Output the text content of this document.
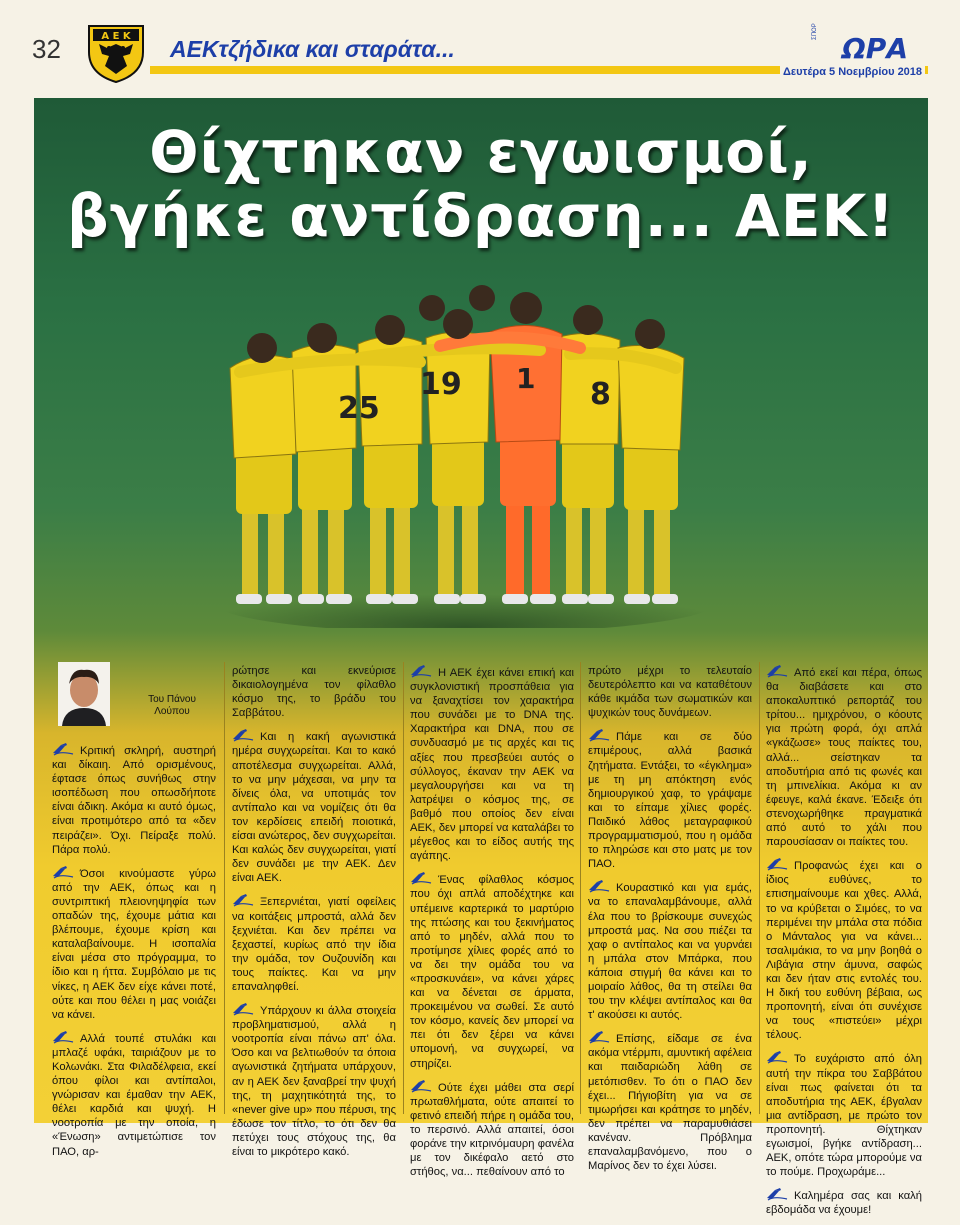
32	Α Ε Κ ΑΕΚτζήδικα και σταράτα...
ΣΠΟΡ
ΩΡΑ
Δευτέρα 5 Νοεμβρίου 2018
Θίχτηκαν εγωισμοί,
βγήκε αντίδραση... ΑΕΚ!
25
19 1 8
Του Πάνου
Λούπου

Κριτική σκληρή, αυστηρή και δίκαιη. Από ορισμένους, έφτασε όπως συνήθως στην ισοπέδωση που οπωσδήποτε είναι άδικη. Ακόμα κι αυτό όμως, είναι προτιμότερο από τα «δεν πειράζει». Όχι. Πείραξε πολύ. Πάρα πολύ.

Όσοι κινούμαστε γύρω από την ΑΕΚ, όπως και η συντριπτική πλειονηψηφία των οπαδών της, έχουμε μάτια και βλέπουμε, έχουμε κρίση και καταλαβαίνουμε. Η ισοπαλία είναι μέσα στο πρόγραμμα, το ίδιο και η ήττα. Συμβόλαιο με τις νίκες, η ΑΕΚ δεν είχε κάνει ποτέ, ούτε και που θέλει η μας νοιάζει να κάνει.

Αλλά τουπέ στυλάκι και μπλαζέ υφάκι, ταιριάζουν με το Κολωνάκι. Στα Φιλαδέλφεια, εκεί όπου φίλοι και αντίπαλοι, γνώρισαν και έμαθαν την ΑΕΚ, θέλει καρδιά και ψυχή. Η νοοτροπία με την οποία, η «Ένωση» αντιμετώπισε τον ΠΑΟ, αρ-

ρώτησε και εκνεύρισε δικαιολογημένα τον φίλαθλο κόσμο της, το βράδυ του Σαββάτου.

Και η κακή αγωνιστικά ημέρα συγχωρείται. Και το κακό αποτέλεσμα συγχωρείται. Αλλά, το να μην μάχεσαι, να μην τα δίνεις όλα, να υποτιμάς τον αντίπαλο και να νομίζεις ότι θα τον κερδίσεις επειδή ποιοτικά, είσαι ανώτερος, δεν συγχωρείται. Και καλώς δεν συγχωρείται, γιατί δεν συνάδει με την ΑΕΚ. Δεν είναι ΑΕΚ.

Ξεπερνιέται, γιατί οφείλεις να κοιτάξεις μπροστά, αλλά δεν ξεχνιέται. Και δεν πρέπει να ξεχαστεί, κυρίως από την ίδια την ομάδα, τον Ουζουνίδη και τους παίκτες. Και να μην επαναληφθεί.

Υπάρχουν κι άλλα στοιχεία προβληματισμού, αλλά η νοοτροπία είναι πάνω απ' όλα. Όσο και να βελτιωθούν τα όποια αγωνιστικά ζητήματα υπάρχουν, αν η ΑΕΚ δεν ξαναβρεί την ψυχή της, τη μαχητικότητά της, το «never give up» που πέρυσι, της έδωσε τον τίτλο, το ότι δεν θα πετύχει τους στόχους της, θα είναι το μικρότερο κακό.

Η ΑΕΚ έχει κάνει επική και συγκλονιστική προσπάθεια για να ξαναχτίσει τον χαρακτήρα που συνάδει με το DNA της. Χαρακτήρα και DNA, που σε συνδυασμό με τις αρχές και τις αξίες που πρεσβεύει αυτός ο σύλλογος, έκαναν την ΑΕΚ να μεγαλουργήσει και να τη λατρέψει ο κόσμος της, σε βαθμό που οποίος δεν είναι ΑΕΚ, δεν μπορεί να καταλάβει το μέγεθος και το είδος αυτής της αγάπης.

Ένας φίλαθλος κόσμος που όχι απλά αποδέχτηκε και υπέμεινε καρτερικά το μαρτύριο της πτώσης και του ξεκινήματος από το μηδέν, αλλά που το προτίμησε χίλιες φορές από το να δει την ομάδα του να «προσκυνάει», να κάνει χάρες και να δένεται σε άρματα, προκειμένου να σωθεί. Σε αυτό τον κόσμο, κανείς δεν μπορεί να πει ότι δεν ξέρει να κάνει υπομονή, να συγχωρεί, να στηρίζει.

Ούτε έχει μάθει στα σερί πρωταθλήματα, ούτε απαιτεί το φετινό επειδή πήρε η ομάδα του, το περσινό. Αλλά απαιτεί, όσοι φοράνε την κιτρινόμαυρη φανέλα με τον δικέφαλο αετό στο στήθος, να... πεθαίνουν από το

πρώτο μέχρι το τελευταίο δευτερόλεπτο και να καταθέτουν κάθε ικμάδα των σωματικών και ψυχικών τους δυνάμεων.

Πάμε και σε δύο επιμέρους, αλλά βασικά ζητήματα. Εντάξει, το «έγκλημα» με τη μη απόκτηση ενός δημιουργικού χαφ, το γράψαμε και το είπαμε χίλιες φορές. Παιδικό λάθος μεταγραφικού προγραμματισμού, που η ομάδα το πληρώσε και στο ματς με τον ΠΑΟ.

Κουραστικό και για εμάς, να το επαναλαμβάνουμε, αλλά έλα που το βρίσκουμε συνεχώς μπροστά μας. Να σου πιέζει τα χαφ ο αντίπαλος και να γυρνάει η μπάλα στον Μπάρκα, που κάποια στιγμή θα κάνει και το μοιραίο λάθος, θα τη στείλει θα του την κλέψει αντίπαλος και θα τ' ακούσει κι αυτός.

Επίσης, είδαμε σε ένα ακόμα ντέρμπι, αμυντική αφέλεια και παιδαριώδη λάθη σε μετόπισθεν. Το ότι ο ΠΑΟ δεν έχει... Πήγιοβίτη για να σε τιμωρήσει και κράτησε το μηδέν, δεν πρέπει να παραμυθιάσει κανέναν. Πρόβλημα επαναλαμβανόμενο, που ο Μαρίνος δεν το έχει λύσει.

Από εκεί και πέρα, όπως θα διαβάσετε και στο αποκαλυπτικό ρεπορτάζ του τρίτου... ημιχρόνου, ο κόουτς για πρώτη φορά, όχι απλά «γκάζωσε» τους παίκτες του, αλλά... σείστηκαν τα αποδυτήρια από τις φωνές και τη μπινελίκια. Ακόμα κι αν έφευγε, καλά έκανε. Έδειξε ότι στενοχωρήθηκε πραγματικά από αυτό το χάλι που παρουσίασαν οι παίκτες του.

Προφανώς έχει και ο ίδιος ευθύνες, το επισημαίνουμε και χθες. Αλλά, το να κρύβεται ο Σιμόες, το να περιμένει την μπάλα στα πόδια ο Μάνταλος για να κάνει... τσαλιμάκια, το να μην βοηθά ο Λιβάγια στην άμυνα, σαφώς και δεν ήταν στις εντολές του. Η δική του ευθύνη βέβαια, ως προπονητή, είναι ότι συνέχισε να τους «πιστεύει» μέχρι τέλους.

Το ευχάριστο από όλη αυτή την πίκρα του Σαββάτου είναι πως φαίνεται ότι τα αποδυτήρια της ΑΕΚ, έβγαλαν μια αντίδραση, με πρώτο τον προπονητή. Θίχτηκαν εγωισμοί, βγήκε αντίδραση... ΑΕΚ, οπότε τώρα μπορούμε να το πούμε. Προχωράμε...

Καλημέρα σας και καλή εβδομάδα να έχουμε!
